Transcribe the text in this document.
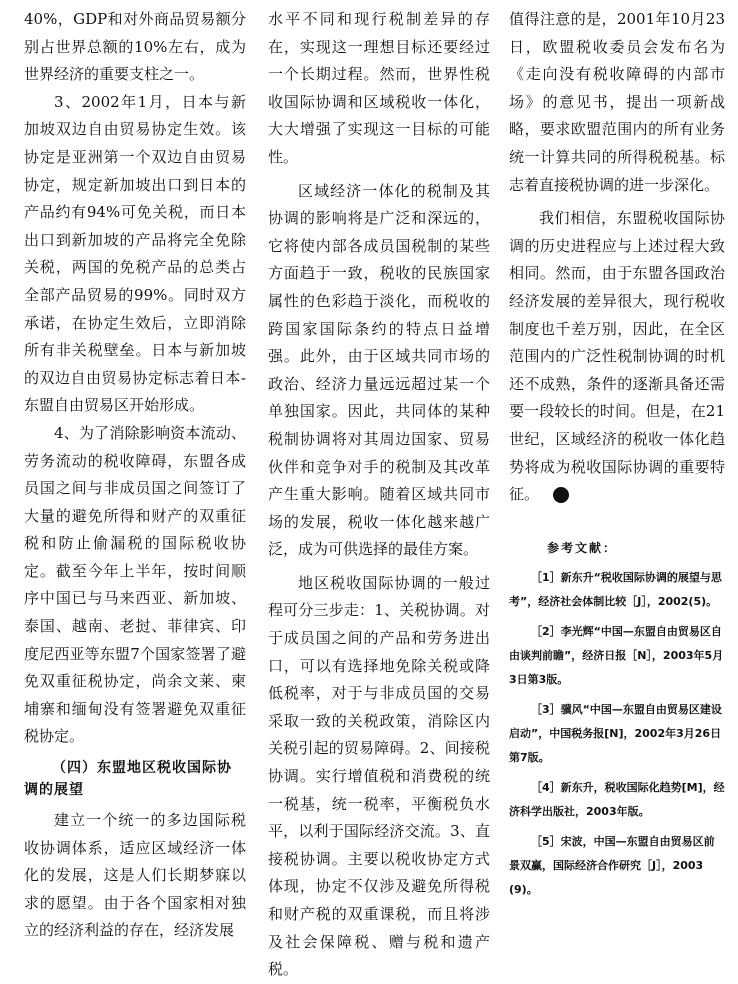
40%，GDP和对外商品贸易额分别占世界总额的10%左右，成为世界经济的重要支柱之一。

3、2002年1月，日本与新加坡双边自由贸易协定生效。该协定是亚洲第一个双边自由贸易协定，规定新加坡出口到日本的产品约有94%可免关税，而日本出口到新加坡的产品将完全免除关税，两国的免税产品的总类占全部产品贸易的99%。同时双方承诺，在协定生效后，立即消除所有非关税壁垒。日本与新加坡的双边自由贸易协定标志着日本-东盟自由贸易区开始形成。

4、为了消除影响资本流动、劳务流动的税收障碍，东盟各成员国之间与非成员国之间签订了大量的避免所得和财产的双重征税和防止偷漏税的国际税收协定。截至今年上半年，按时间顺序中国已与马来西亚、新加坡、泰国、越南、老挝、菲律宾、印度尼西亚等东盟7个国家签署了避免双重征税协定，尚余文莱、柬埔寨和缅甸没有签署避免双重征税协定。

（四）东盟地区税收国际协调的展望

建立一个统一的多边国际税收协调体系，适应区域经济一体化的发展，这是人们长期梦寐以求的愿望。由于各个国家相对独立的经济利益的存在，经济发展

水平不同和现行税制差异的存在，实现这一理想目标还要经过一个长期过程。然而，世界性税收国际协调和区域税收一体化，大大增强了实现这一目标的可能性。

区域经济一体化的税制及其协调的影响将是广泛和深远的，它将使内部各成员国税制的某些方面趋于一致，税收的民族国家属性的色彩趋于淡化，而税收的跨国家国际条约的特点日益增强。此外，由于区域共同市场的政治、经济力量远远超过某一个单独国家。因此，共同体的某种税制协调将对其周边国家、贸易伙伴和竞争对手的税制及其改革产生重大影响。随着区域共同市场的发展，税收一体化越来越广泛，成为可供选择的最佳方案。

地区税收国际协调的一般过程可分三步走：1、关税协调。对于成员国之间的产品和劳务进出口，可以有选择地免除关税或降低税率，对于与非成员国的交易采取一致的关税政策，消除区内关税引起的贸易障碍。2、间接税协调。实行增值税和消费税的统一税基，统一税率，平衡税负水平，以利于国际经济交流。3、直接税协调。主要以税收协定方式体现，协定不仅涉及避免所得税和财产税的双重课税，而且将涉及社会保障税、赠与税和遗产税。

值得注意的是，2001年10月23日，欧盟税收委员会发布名为《走向没有税收障碍的内部市场》的意见书，提出一项新战略，要求欧盟范围内的所有业务统一计算共同的所得税税基。标志着直接税协调的进一步深化。

我们相信，东盟税收国际协调的历史进程应与上述过程大致相同。然而，由于东盟各国政治经济发展的差异很大，现行税收制度也千差万别，因此，在全区范围内的广泛性税制协调的时机还不成熟，条件的逐渐具备还需要一段较长的时间。但是，在21世纪，区域经济的税收一体化趋势将成为税收国际协调的重要特征。	✦

参考文献：

［1］新东升“税收国际协调的展望与思考”，经济社会体制比较［J］，2002(5)。

［2］李光辉“中国—东盟自由贸易区自由谈判前瞻”，经济日报［N］，2003年5月3日第3版。

［3］骥风“中国—东盟自由贸易区建设启动”，中国税务报[N]，2002年3月26日第7版。

［4］新东升，税收国际化趋势[M]，经济科学出版社，2003年版。

［5］宋波，中国—东盟自由贸易区前景双赢，国际经济合作研究［J］，2003(9)。
